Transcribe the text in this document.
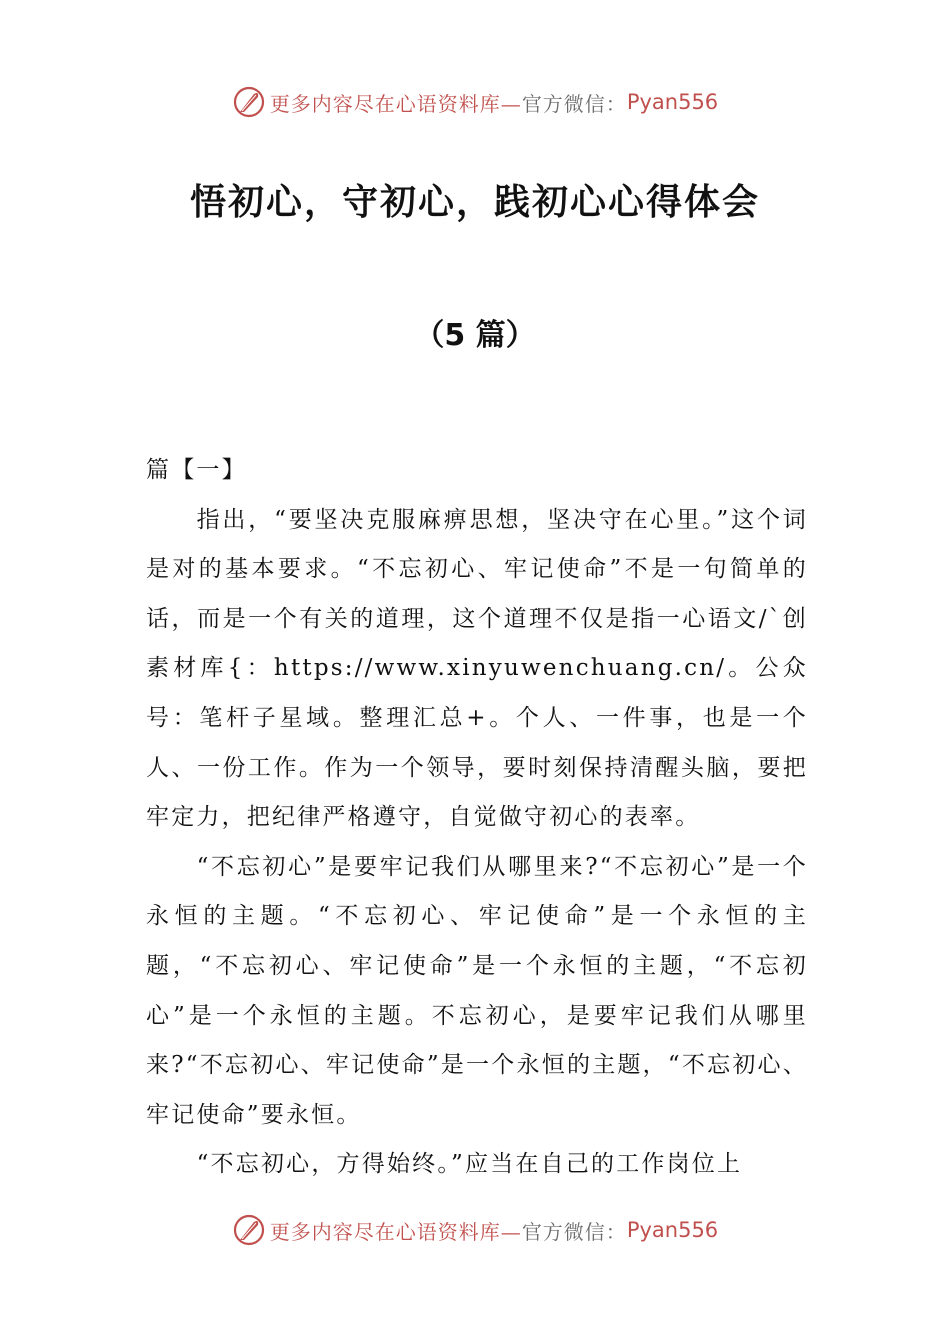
更多内容尽在心语资料库— 官方微信： Pyan556
悟初心，守初心，践初心心得体会
（5 篇）

篇【一】

指出，“要坚决克服麻痹思想，坚决守在心里。”这个词是对的基本要求。“不忘初心、牢记使命”不是一句简单的话，而是一个有关的道理，这个道理不仅是指一心语文/`创素材库{：https://www.xinyuwenchuang.cn/。公众号：笔杆子星域。整理汇总+。个人、一件事，也是一个人、一份工作。作为一个领导，要时刻保持清醒头脑，要把牢定力，把纪律严格遵守，自觉做守初心的表率。

“不忘初心”是要牢记我们从哪里来?“不忘初心”是一个永恒的主题。“不忘初心、牢记使命”是一个永恒的主题，“不忘初心、牢记使命”是一个永恒的主题，“不忘初心”是一个永恒的主题。不忘初心，是要牢记我们从哪里来?“不忘初心、牢记使命”是一个永恒的主题，“不忘初心、牢记使命”要永恒。

“不忘初心，方得始终。”应当在自己的工作岗位上

更多内容尽在心语资料库— 官方微信： Pyan556
